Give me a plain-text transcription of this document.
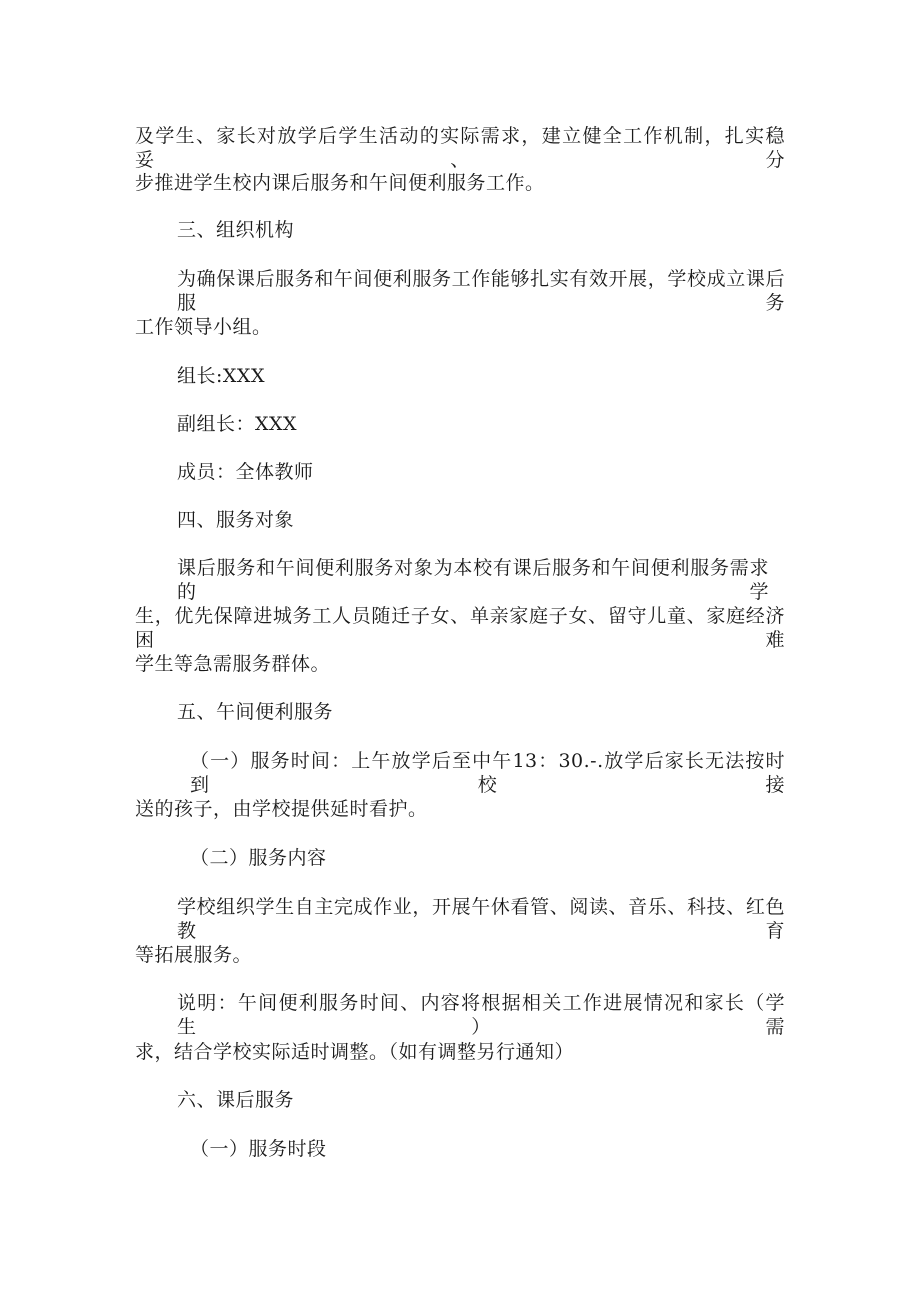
及学生、家长对放学后学生活动的实际需求，建立健全工作机制，扎实稳妥、分
步推进学生校内课后服务和午间便利服务工作。
三、组织机构
为确保课后服务和午间便利服务工作能够扎实有效开展，学校成立课后服务
工作领导小组。
组长:XXX
副组长：XXX
成员：全体教师
四、服务对象
课后服务和午间便利服务对象为本校有课后服务和午间便利服务需求的学
生，优先保障进城务工人员随迁子女、单亲家庭子女、留守儿童、家庭经济困难
学生等急需服务群体。
五、午间便利服务
（一）服务时间：上午放学后至中午13：30.-.放学后家长无法按时到校接
送的孩子，由学校提供延时看护。
（二）服务内容
学校组织学生自主完成作业，开展午休看管、阅读、音乐、科技、红色教育
等拓展服务。
说明：午间便利服务时间、内容将根据相关工作进展情况和家长（学生）需
求，结合学校实际适时调整。（如有调整另行通知）
六、课后服务
（一）服务时段
